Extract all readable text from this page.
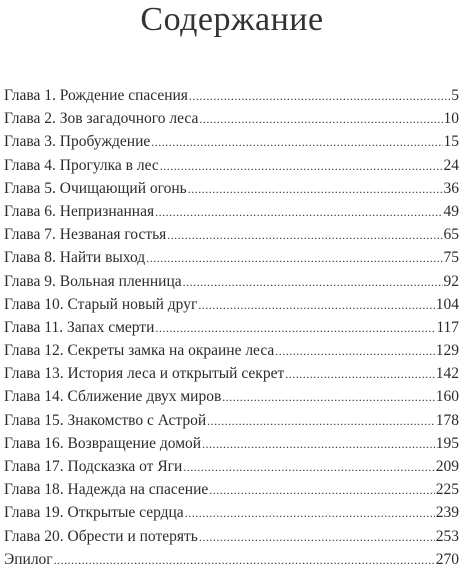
Содержание
Глава 1. Рождение спасения .....	5
Глава 2. Зов загадочного леса .....	10
Глава 3. Пробуждение .....	15
Глава 4. Прогулка в лес .....	24
Глава 5. Очищающий огонь .....	36
Глава 6. Непризнанная .....	49
Глава 7. Незваная гостья .....	65
Глава 8. Найти выход .....	75
Глава 9. Вольная пленница .....	92
Глава 10. Старый новый друг .....	104
Глава 11. Запах смерти .....	117
Глава 12. Секреты замка на окраине леса .....	129
Глава 13. История леса и открытый секрет .....	142
Глава 14. Сближение двух миров .....	160
Глава 15. Знакомство с Астрой .....	178
Глава 16. Возвращение домой .....	195
Глава 17. Подсказка от Яги .....	209
Глава 18. Надежда на спасение .....	225
Глава 19. Открытые сердца .....	239
Глава 20. Обрести и потерять .....	253
Эпилог .....	270
